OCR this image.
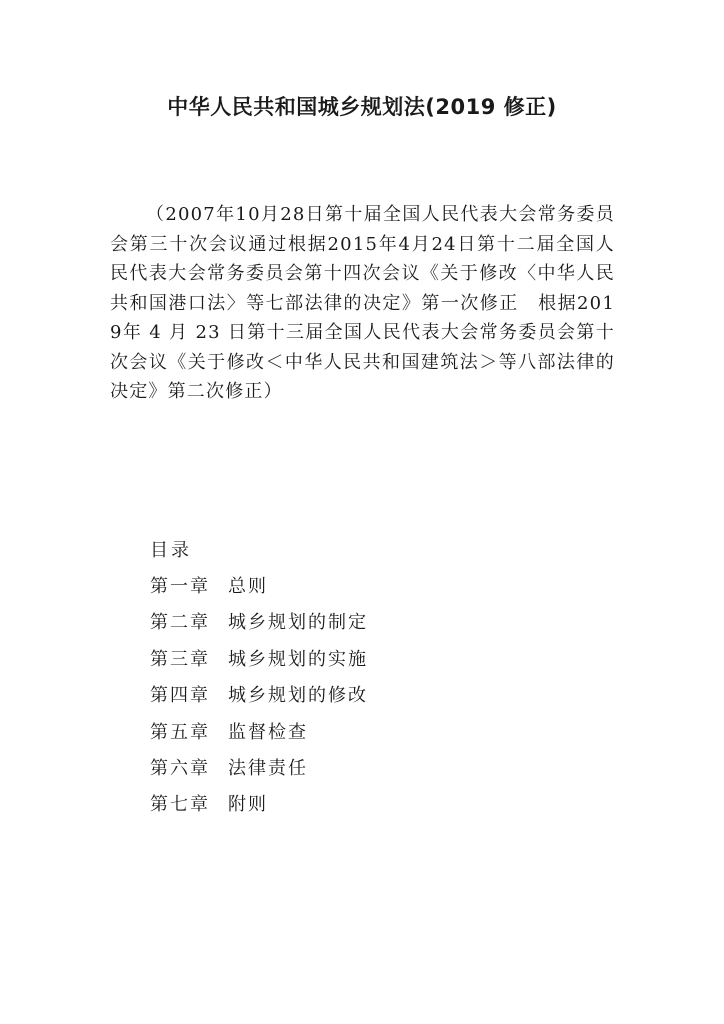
中华人民共和国城乡规划法(2019 修正)

（2007年10月28日第十届全国人民代表大会常务委员会第三十次会议通过根据2015年4月24日第十二届全国人民代表大会常务委员会第十四次会议《关于修改〈中华人民共和国港口法〉等七部法律的决定》第一次修正　根据2019年 4 月 23 日第十三届全国人民代表大会常务委员会第十次会议《关于修改＜中华人民共和国建筑法＞等八部法律的决定》第二次修正）

目录
第一章 总则
第二章 城乡规划的制定
第三章 城乡规划的实施
第四章 城乡规划的修改
第五章 监督检查
第六章 法律责任
第七章 附则
